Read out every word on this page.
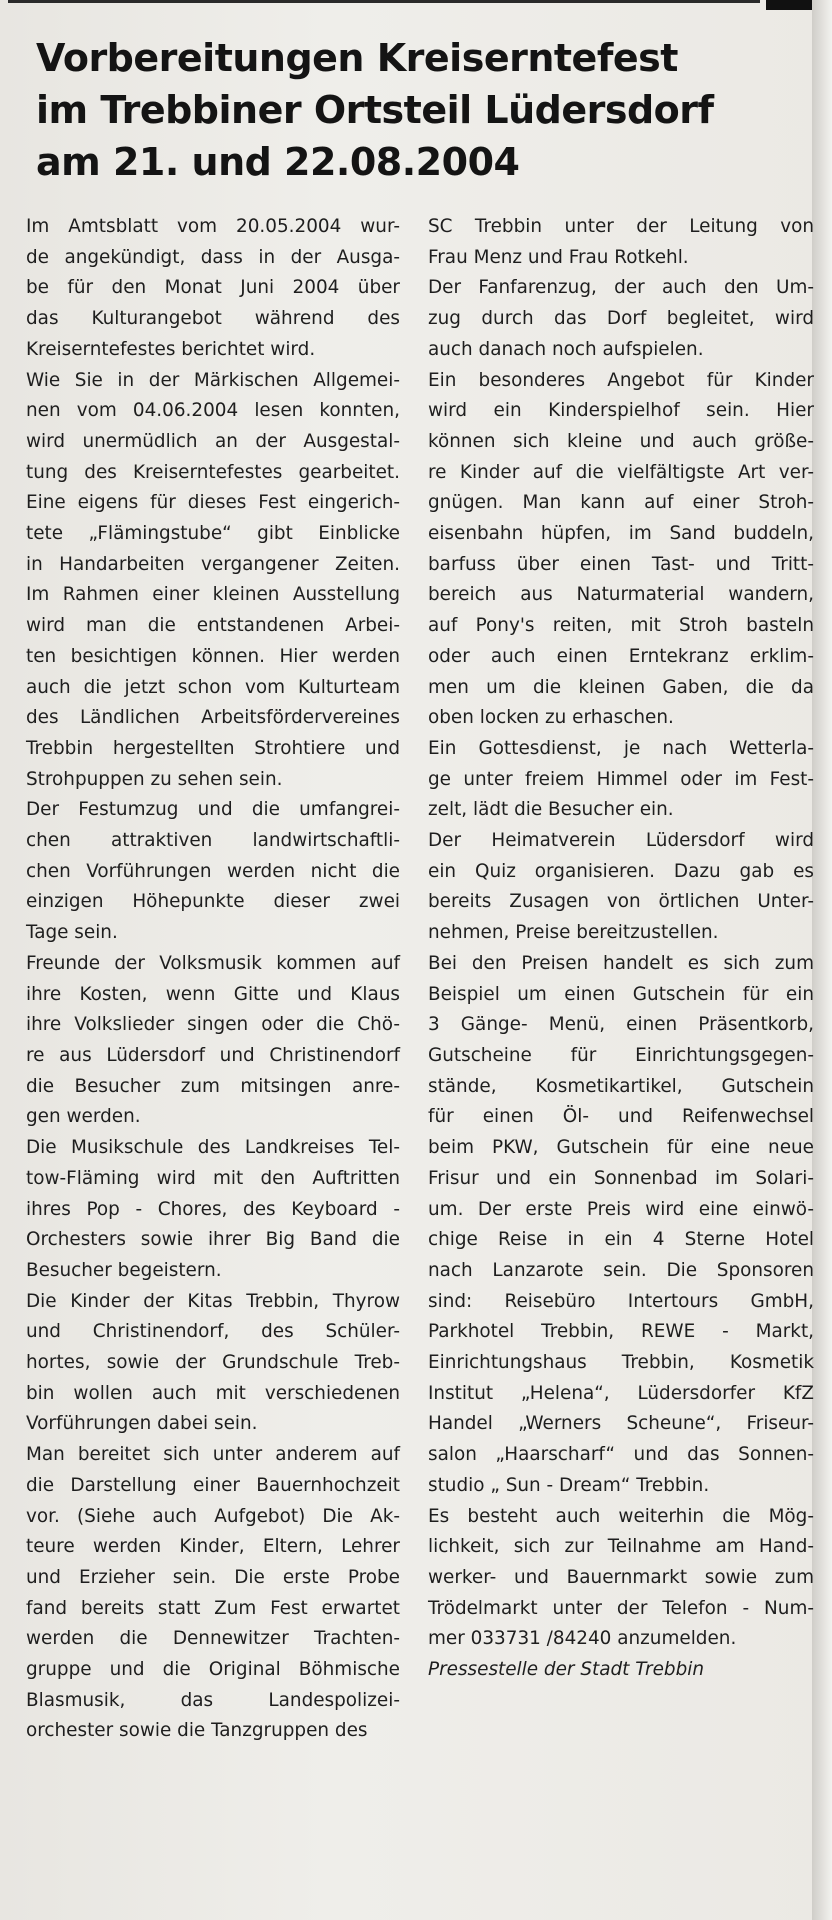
Vorbereitungen Kreiserntefest
im Trebbiner Ortsteil Lüdersdorf
am 21. und 22.08.2004

Im Amtsblatt vom 20.05.2004 wur-
de angekündigt, dass in der Ausga-
be für den Monat Juni 2004 über
das Kulturangebot während des
Kreiserntefestes berichtet wird.

Wie Sie in der Märkischen Allgemei-
nen vom 04.06.2004 lesen konnten,
wird unermüdlich an der Ausgestal-
tung des Kreiserntefestes gearbeitet.
Eine eigens für dieses Fest eingerich-
tete „Flämingstube“ gibt Einblicke
in Handarbeiten vergangener Zeiten.
Im Rahmen einer kleinen Ausstellung
wird man die entstandenen Arbei-
ten besichtigen können. Hier werden
auch die jetzt schon vom Kulturteam
des Ländlichen Arbeitsfördervereines
Trebbin hergestellten Strohtiere und
Strohpuppen zu sehen sein.

Der Festumzug und die umfangrei-
chen attraktiven landwirtschaftli-
chen Vorführungen werden nicht die
einzigen Höhepunkte dieser zwei
Tage sein.

Freunde der Volksmusik kommen auf
ihre Kosten, wenn Gitte und Klaus
ihre Volkslieder singen oder die Chö-
re aus Lüdersdorf und Christinendorf
die Besucher zum mitsingen anre-
gen werden.

Die Musikschule des Landkreises Tel-
tow-Fläming wird mit den Auftritten
ihres Pop - Chores, des Keyboard -
Orchesters sowie ihrer Big Band die
Besucher begeistern.

Die Kinder der Kitas Trebbin, Thyrow
und Christinendorf, des Schüler-
hortes, sowie der Grundschule Treb-
bin wollen auch mit verschiedenen
Vorführungen dabei sein.

Man bereitet sich unter anderem auf
die Darstellung einer Bauernhochzeit
vor. (Siehe auch Aufgebot) Die Ak-
teure werden Kinder, Eltern, Lehrer
und Erzieher sein. Die erste Probe
fand bereits statt Zum Fest erwartet
werden die Dennewitzer Trachten-
gruppe und die Original Böhmische
Blasmusik, das Landespolizei-
orchester sowie die Tanzgruppen des

SC Trebbin unter der Leitung von
Frau Menz und Frau Rotkehl.

Der Fanfarenzug, der auch den Um-
zug durch das Dorf begleitet, wird
auch danach noch aufspielen.

Ein besonderes Angebot für Kinder
wird ein Kinderspielhof sein. Hier
können sich kleine und auch größe-
re Kinder auf die vielfältigste Art ver-
gnügen. Man kann auf einer Stroh-
eisenbahn hüpfen, im Sand buddeln,
barfuss über einen Tast- und Tritt-
bereich aus Naturmaterial wandern,
auf Pony's reiten, mit Stroh basteln
oder auch einen Erntekranz erklim-
men um die kleinen Gaben, die da
oben locken zu erhaschen.

Ein Gottesdienst, je nach Wetterla-
ge unter freiem Himmel oder im Fest-
zelt, lädt die Besucher ein.

Der Heimatverein Lüdersdorf wird
ein Quiz organisieren. Dazu gab es
bereits Zusagen von örtlichen Unter-
nehmen, Preise bereitzustellen.

Bei den Preisen handelt es sich zum
Beispiel um einen Gutschein für ein
3 Gänge- Menü, einen Präsentkorb,
Gutscheine für Einrichtungsgegen-
stände, Kosmetikartikel, Gutschein
für einen Öl- und Reifenwechsel
beim PKW, Gutschein für eine neue
Frisur und ein Sonnenbad im Solari-
um. Der erste Preis wird eine einwö-
chige Reise in ein 4 Sterne Hotel
nach Lanzarote sein. Die Sponsoren
sind: Reisebüro Intertours GmbH,
Parkhotel Trebbin, REWE - Markt,
Einrichtungshaus Trebbin, Kosmetik
Institut „Helena“, Lüdersdorfer KfZ
Handel „Werners Scheune“, Friseur-
salon „Haarscharf“ und das Sonnen-
studio „ Sun - Dream“ Trebbin.

Es besteht auch weiterhin die Mög-
lichkeit, sich zur Teilnahme am Hand-
werker- und Bauernmarkt sowie zum
Trödelmarkt unter der Telefon - Num-
mer 033731 /84240 anzumelden.

Pressestelle der Stadt Trebbin
